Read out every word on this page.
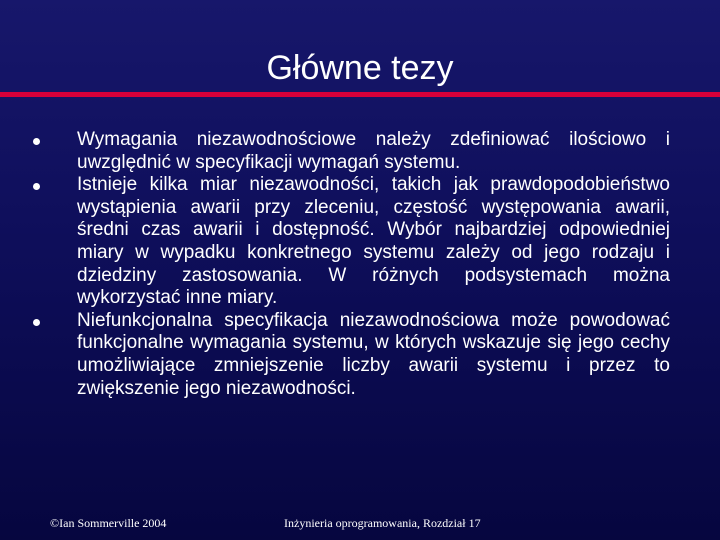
Główne tezy
Wymagania niezawodnościowe należy zdefiniować ilościowo i uwzględnić w specyfikacji wymagań systemu.
Istnieje kilka miar niezawodności, takich jak prawdopodobieństwo wystąpienia awarii przy zleceniu, częstość występowania awarii, średni czas awarii i dostępność. Wybór najbardziej odpowiedniej miary w wypadku konkretnego systemu zależy od jego rodzaju i dziedziny zastosowania. W różnych podsystemach można wykorzystać inne miary.
Niefunkcjonalna specyfikacja niezawodnościowa może powodować funkcjonalne wymagania systemu, w których wskazuje się jego cechy umożliwiające zmniejszenie liczby awarii systemu i przez to zwiększenie jego niezawodności.
©Ian Sommerville 2004	Inżynieria oprogramowania, Rozdział 17
